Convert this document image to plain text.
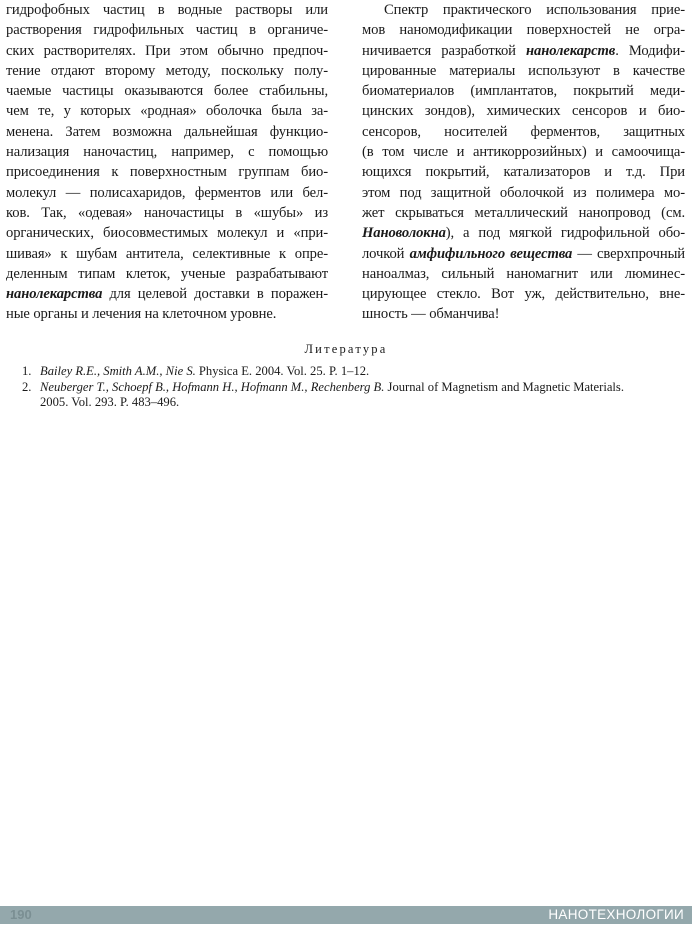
гидрофобных частиц в водные растворы или
растворения гидрофильных частиц в органиче-
ских растворителях. При этом обычно предпоч-
тение отдают второму методу, поскольку полу-
чаемые частицы оказываются более стабильны,
чем те, у которых «родная» оболочка была за-
менена. Затем возможна дальнейшая функцио-
нализация наночастиц, например, с помощью
присоединения к поверхностным группам био-
молекул — полисахаридов, ферментов или бел-
ков. Так, «одевая» наночастицы в «шубы» из
органических, биосовместимых молекул и «при-
шивая» к шубам антитела, селективные к опре-
деленным типам клеток, ученые разрабатывают
нанолекарства для целевой доставки в поражен-
ные органы и лечения на клеточном уровне.
Спектр практического использования прие-
мов наномодификации поверхностей не огра-
ничивается разработкой нанолекарств. Модифи-
цированные материалы используют в качестве
биоматериалов (имплантатов, покрытий меди-
цинских зондов), химических сенсоров и био-
сенсоров, носителей ферментов, защитных
(в том числе и антикоррозийных) и самоочища-
ющихся покрытий, катализаторов и т.д. При
этом под защитной оболочкой из полимера мо-
жет скрываться металлический нанопровод (см.
Нановолокна), а под мягкой гидрофильной обо-
лочкой амфифильного вещества — сверхпрочный
наноалмаз, сильный наномагнит или люминес-
цирующее стекло. Вот уж, действительно, вне-
шность — обманчива!
Литература
1. Bailey R.E., Smith A.M., Nie S. Physica E. 2004. Vol. 25. P. 1–12.
2. Neuberger T., Schoepf B., Hofmann H., Hofmann M., Rechenberg B. Journal of Magnetism and Magnetic Materials.
2005. Vol. 293. P. 483–496.
190	НАНОТЕХНОЛОГИИ
